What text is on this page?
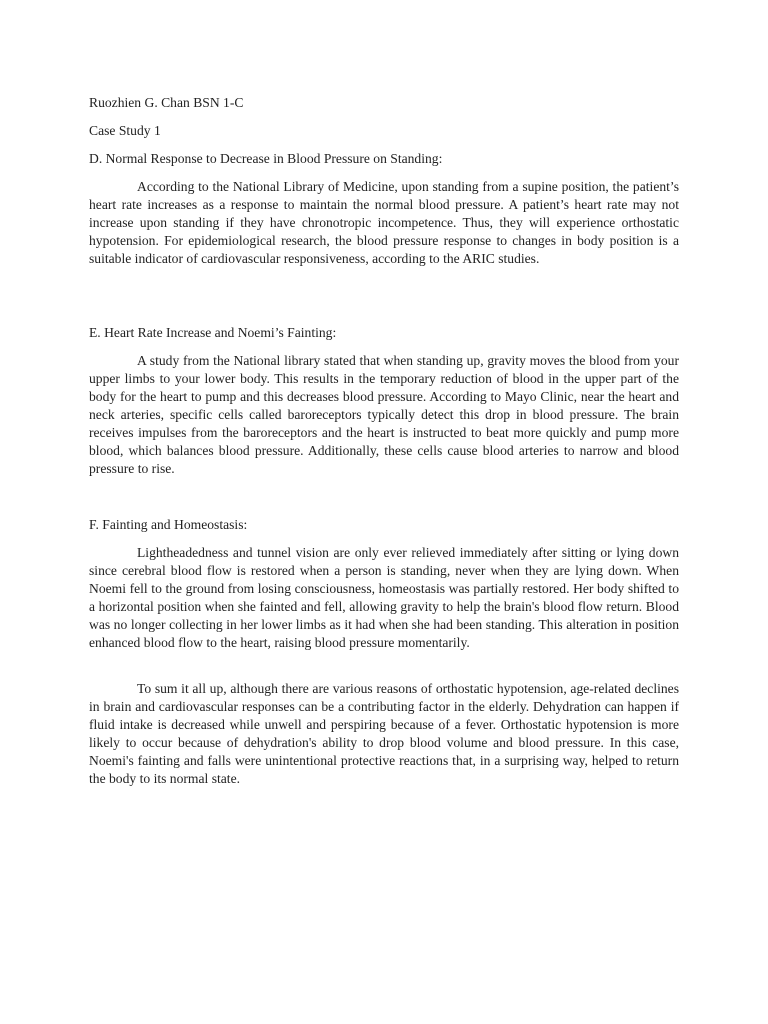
Ruozhien G. Chan BSN 1-C
Case Study 1
D. Normal Response to Decrease in Blood Pressure on Standing:

According to the National Library of Medicine, upon standing from a supine position, the patient’s heart rate increases as a response to maintain the normal blood pressure. A patient’s heart rate may not increase upon standing if they have chronotropic incompetence. Thus, they will experience orthostatic hypotension. For epidemiological research, the blood pressure response to changes in body position is a suitable indicator of cardiovascular responsiveness, according to the ARIC studies.

E. Heart Rate Increase and Noemi’s Fainting:

A study from the National library stated that when standing up, gravity moves the blood from your upper limbs to your lower body. This results in the temporary reduction of blood in the upper part of the body for the heart to pump and this decreases blood pressure. According to Mayo Clinic, near the heart and neck arteries, specific cells called baroreceptors typically detect this drop in blood pressure. The brain receives impulses from the baroreceptors and the heart is instructed to beat more quickly and pump more blood, which balances blood pressure. Additionally, these cells cause blood arteries to narrow and blood pressure to rise.

F. Fainting and Homeostasis:

Lightheadedness and tunnel vision are only ever relieved immediately after sitting or lying down since cerebral blood flow is restored when a person is standing, never when they are lying down. When Noemi fell to the ground from losing consciousness, homeostasis was partially restored. Her body shifted to a horizontal position when she fainted and fell, allowing gravity to help the brain's blood flow return. Blood was no longer collecting in her lower limbs as it had when she had been standing. This alteration in position enhanced blood flow to the heart, raising blood pressure momentarily.

To sum it all up, although there are various reasons of orthostatic hypotension, age-related declines in brain and cardiovascular responses can be a contributing factor in the elderly. Dehydration can happen if fluid intake is decreased while unwell and perspiring because of a fever. Orthostatic hypotension is more likely to occur because of dehydration's ability to drop blood volume and blood pressure. In this case, Noemi's fainting and falls were unintentional protective reactions that, in a surprising way, helped to return the body to its normal state.
